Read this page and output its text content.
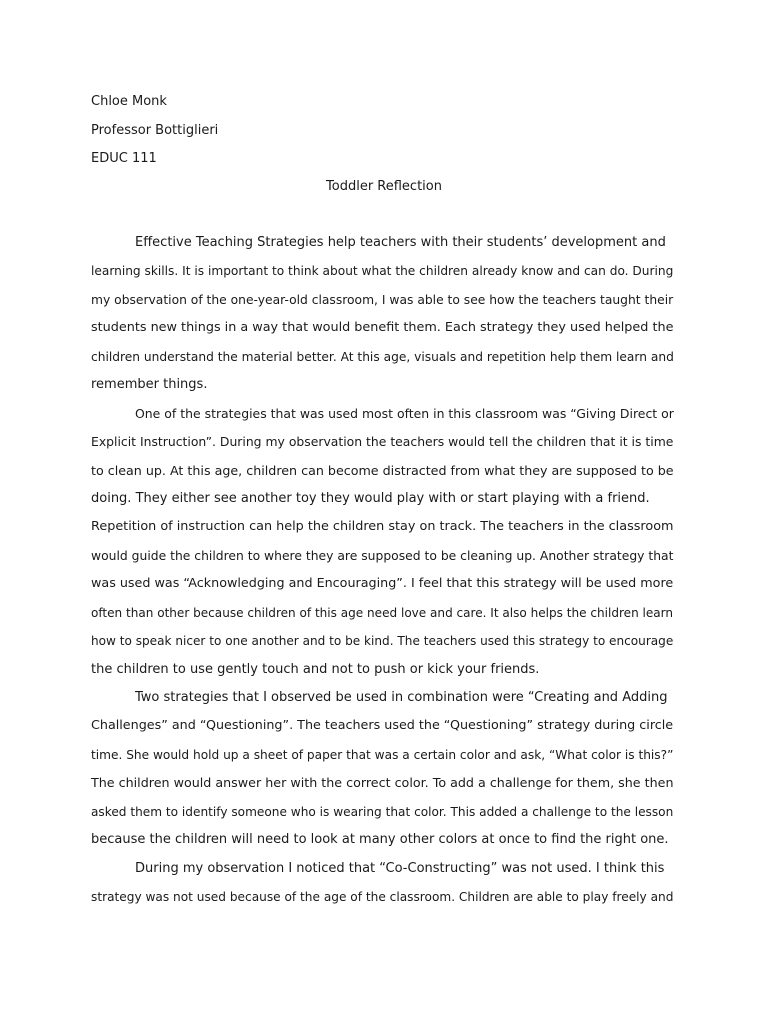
Chloe Monk
Professor Bottiglieri
EDUC 111
Toddler Reflection
Effective Teaching Strategies help teachers with their students’ development and
learning skills. It is important to think about what the children already know and can do. During
my observation of the one-year-old classroom, I was able to see how the teachers taught their
students new things in a way that would benefit them. Each strategy they used helped the
children understand the material better. At this age, visuals and repetition help them learn and
remember things.
One of the strategies that was used most often in this classroom was “Giving Direct or
Explicit Instruction”. During my observation the teachers would tell the children that it is time
to clean up. At this age, children can become distracted from what they are supposed to be
doing. They either see another toy they would play with or start playing with a friend.
Repetition of instruction can help the children stay on track. The teachers in the classroom
would guide the children to where they are supposed to be cleaning up. Another strategy that
was used was “Acknowledging and Encouraging”. I feel that this strategy will be used more
often than other because children of this age need love and care. It also helps the children learn
how to speak nicer to one another and to be kind. The teachers used this strategy to encourage
the children to use gently touch and not to push or kick your friends.
Two strategies that I observed be used in combination were “Creating and Adding
Challenges” and “Questioning”. The teachers used the “Questioning” strategy during circle
time. She would hold up a sheet of paper that was a certain color and ask, “What color is this?”
The children would answer her with the correct color. To add a challenge for them, she then
asked them to identify someone who is wearing that color. This added a challenge to the lesson
because the children will need to look at many other colors at once to find the right one.
During my observation I noticed that “Co-Constructing” was not used. I think this
strategy was not used because of the age of the classroom. Children are able to play freely and
